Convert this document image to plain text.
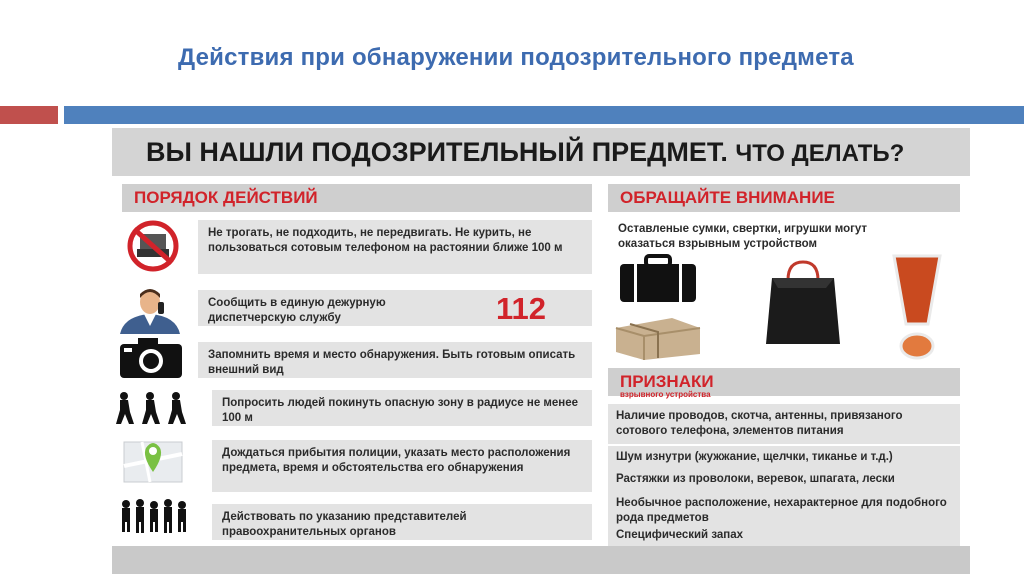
Действия при обнаружении подозрительного предмета
ВЫ НАШЛИ ПОДОЗРИТЕЛЬНЫЙ ПРЕДМЕТ. ЧТО ДЕЛАТЬ?
ПОРЯДОК ДЕЙСТВИЙ
Не трогать, не подходить, не передвигать. Не курить, не пользоваться сотовым телефоном на растоянии ближе 100 м
Сообщить в единую дежурную диспетчерскую службу	112
Запомнить время и место обнаружения. Быть готовым описать внешний вид
Попросить людей покинуть опасную зону в радиусе не менее 100 м
Дождаться прибытия полиции, указать место расположения предмета, время и обстоятельства его обнаружения
Действовать по указанию представителей правоохранительных органов
ОБРАЩАЙТЕ ВНИМАНИЕ
Оставленые сумки, свертки, игрушки могут оказаться взрывным устройством
ПРИЗНАКИ
взрывного устройства
Наличие проводов, скотча, антенны, привязаного сотового телефона, элементов питания
Шум изнутри (жужжание, щелчки, тиканье и т.д.)
Растяжки из проволоки, веревок, шпагата, лески
Необычное расположение, нехарактерное для подобного рода предметов
Специфический запах
